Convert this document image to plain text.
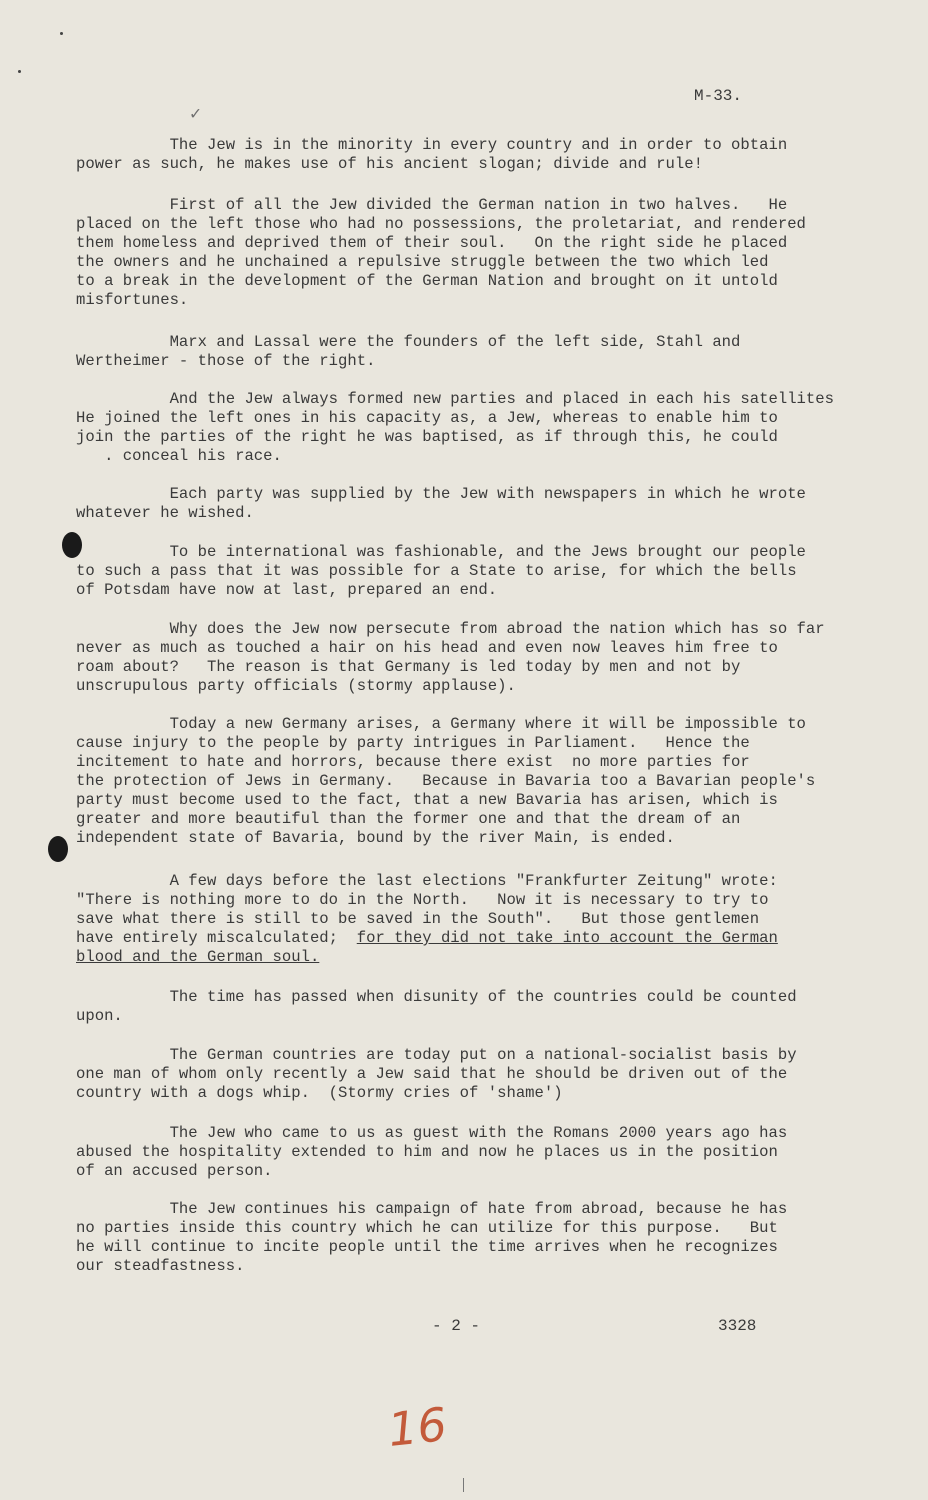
M-33.
✓
The Jew is in the minority in every country and in order to obtain
power as such, he makes use of his ancient slogan; divide and rule!
First of all the Jew divided the German nation in two halves.   He
placed on the left those who had no possessions, the proletariat, and rendered
them homeless and deprived them of their soul.   On the right side he placed
the owners and he unchained a repulsive struggle between the two which led
to a break in the development of the German Nation and brought on it untold
misfortunes.
Marx and Lassal were the founders of the left side, Stahl and
Wertheimer - those of the right.
And the Jew always formed new parties and placed in each his satellites
He joined the left ones in his capacity as, a Jew, whereas to enable him to
join the parties of the right he was baptised, as if through this, he could
. conceal his race.
Each party was supplied by the Jew with newspapers in which he wrote
whatever he wished.
To be international was fashionable, and the Jews brought our people
to such a pass that it was possible for a State to arise, for which the bells
of Potsdam have now at last, prepared an end.
Why does the Jew now persecute from abroad the nation which has so far
never as much as touched a hair on his head and even now leaves him free to
roam about?   The reason is that Germany is led today by men and not by
unscrupulous party officials (stormy applause).
Today a new Germany arises, a Germany where it will be impossible to
cause injury to the people by party intrigues in Parliament.   Hence the
incitement to hate and horrors, because there exist  no more parties for
the protection of Jews in Germany.   Because in Bavaria too a Bavarian people's
party must become used to the fact, that a new Bavaria has arisen, which is
greater and more beautiful than the former one and that the dream of an
independent state of Bavaria, bound by the river Main, is ended.
A few days before the last elections "Frankfurter Zeitung" wrote:
"There is nothing more to do in the North.   Now it is necessary to try to
save what there is still to be saved in the South".   But those gentlemen
have entirely miscalculated;  for they did not take into account the German
blood and the German soul.
The time has passed when disunity of the countries could be counted
upon.
The German countries are today put on a national-socialist basis by
one man of whom only recently a Jew said that he should be driven out of the
country with a dogs whip.  (Stormy cries of 'shame')
The Jew who came to us as guest with the Romans 2000 years ago has
abused the hospitality extended to him and now he places us in the position
of an accused person.
The Jew continues his campaign of hate from abroad, because he has
no parties inside this country which he can utilize for this purpose.   But
he will continue to incite people until the time arrives when he recognizes
our steadfastness.
- 2 -	3328
16
